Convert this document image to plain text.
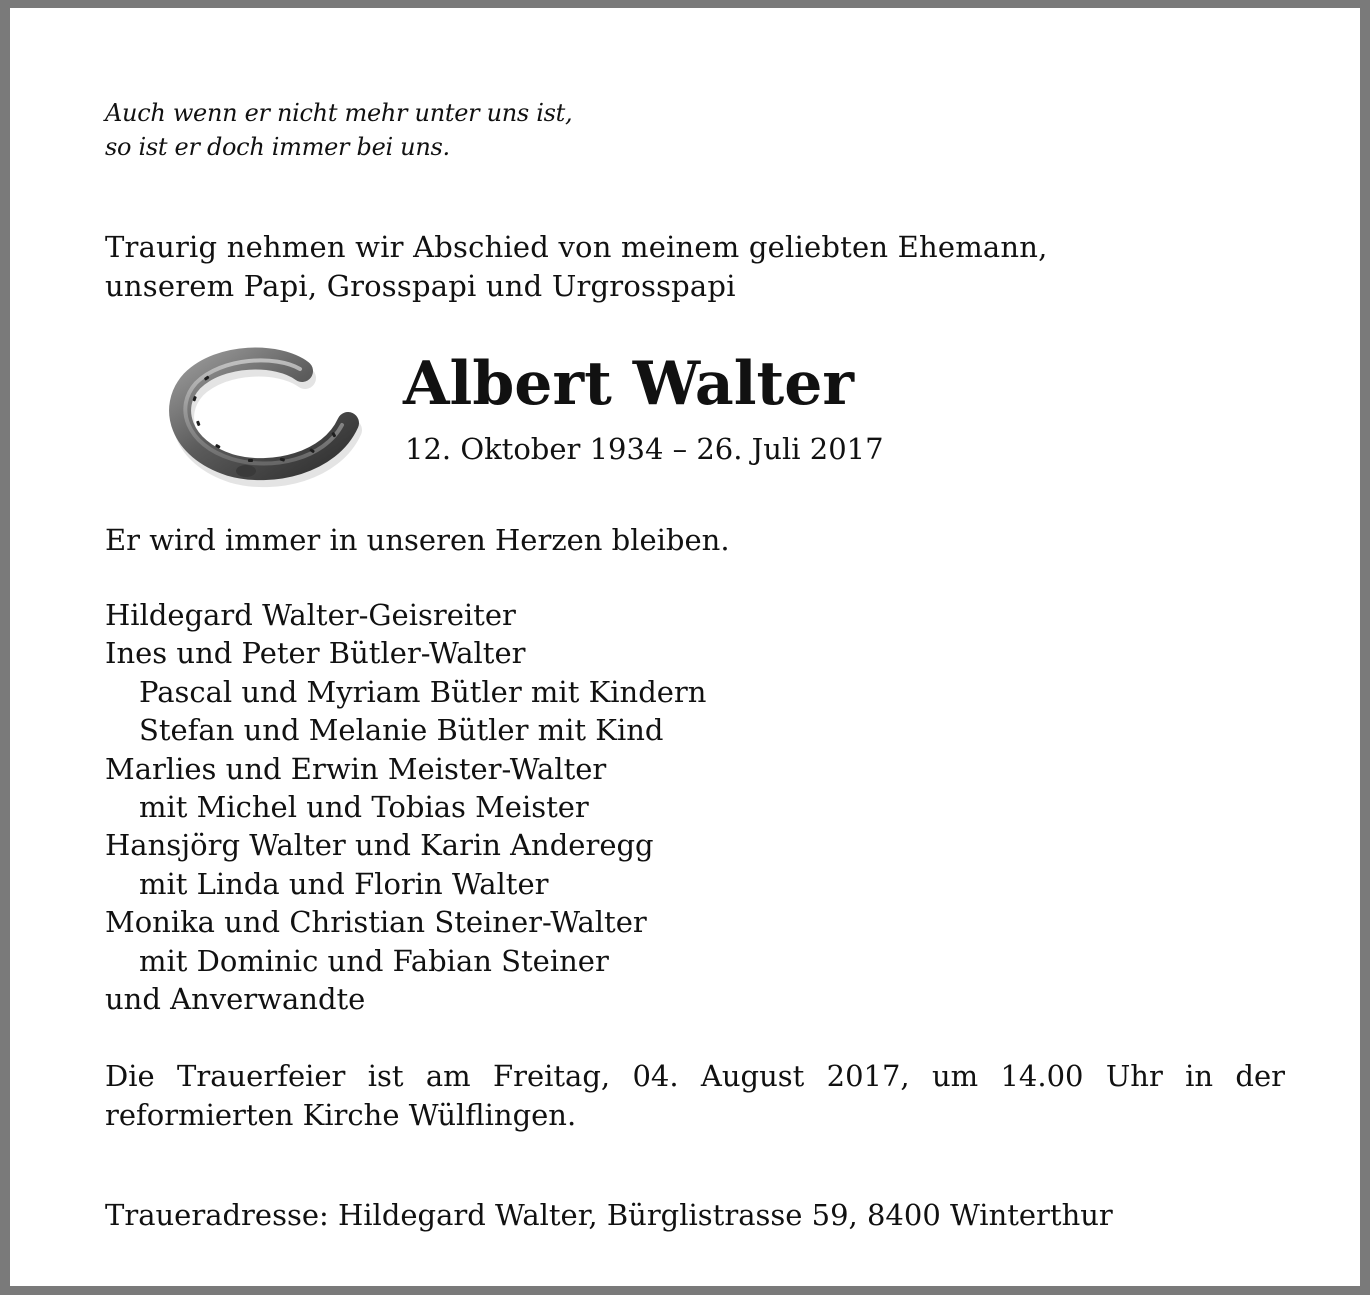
Auch wenn er nicht mehr unter uns ist,
so ist er doch immer bei uns.
Traurig nehmen wir Abschied von meinem geliebten Ehemann,
unserem Papi, Grosspapi und Urgrosspapi
Albert Walter
12. Oktober 1934 – 26. Juli 2017
Er wird immer in unseren Herzen bleiben.
Hildegard Walter-Geisreiter
Ines und Peter Bütler-Walter
Pascal und Myriam Bütler mit Kindern
Stefan und Melanie Bütler mit Kind
Marlies und Erwin Meister-Walter
mit Michel und Tobias Meister
Hansjörg Walter und Karin Anderegg
mit Linda und Florin Walter
Monika und Christian Steiner-Walter
mit Dominic und Fabian Steiner
und Anverwandte
Die Trauerfeier ist am Freitag, 04. August 2017, um 14.00 Uhr in der
reformierten Kirche Wülflingen.
Traueradresse: Hildegard Walter, Bürglistrasse 59, 8400 Winterthur
